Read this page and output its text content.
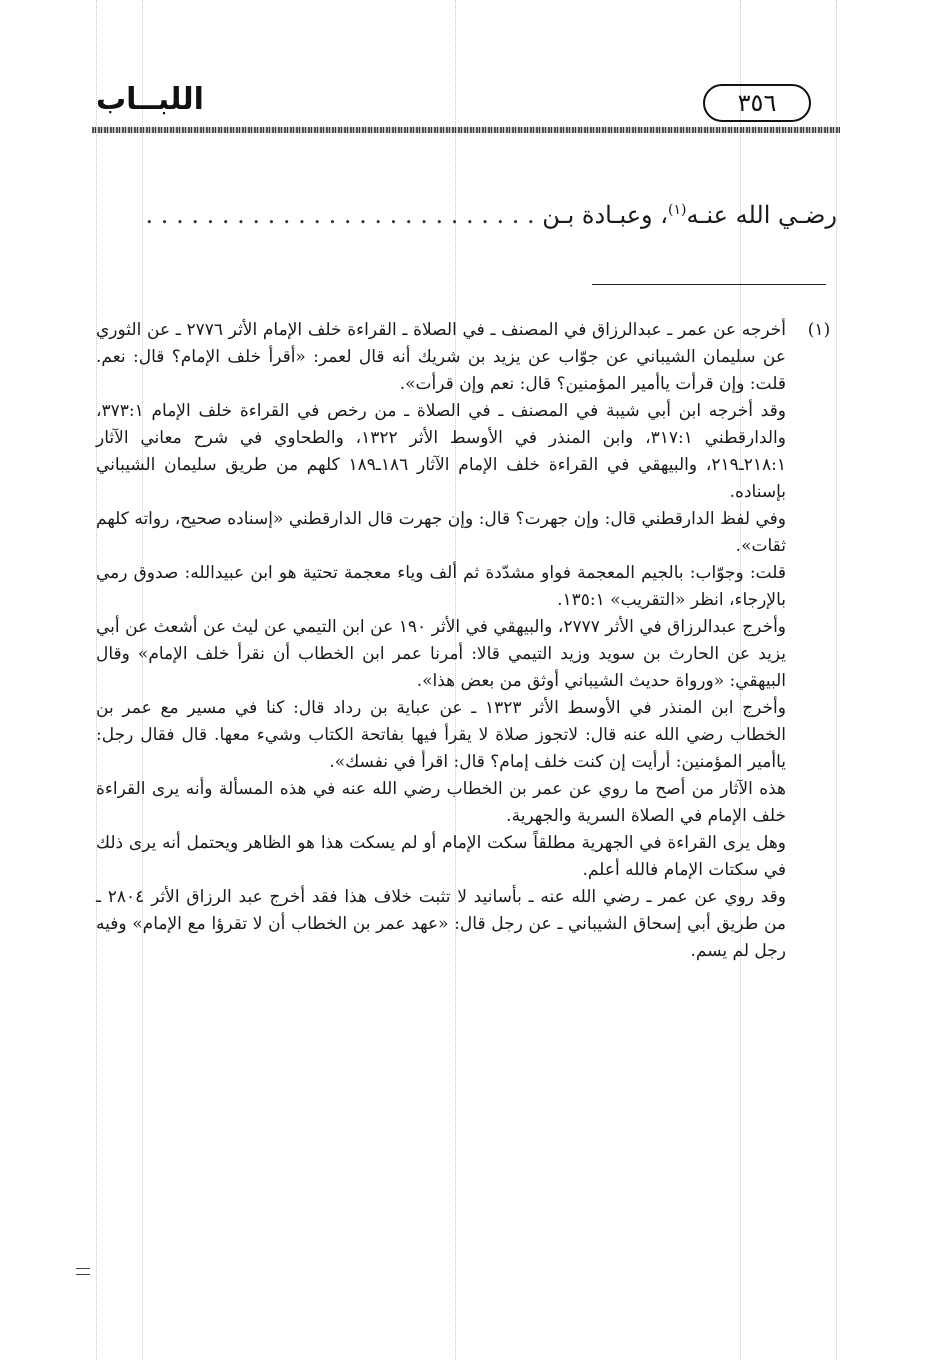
اللبــاب	٣٥٦
رضـي الله عنـه$^{(١)}$، وعبـادة بـن . . . . . . . . . . . . . . . . . . . . . . . . . .
(١)

أخرجه عن عمر ـ عبدالرزاق في المصنف ـ في الصلاة ـ القراءة خلف الإمام الأثر ٢٧٧٦ ـ عن الثوري عن سليمان الشيباني عن جوّاب عن يزيد بن شريك أنه قال لعمر: «أقرأ خلف الإمام؟ قال: نعم. قلت: وإن قرأت ياأمير المؤمنين؟ قال: نعم وإن قرأت».

وقد أخرجه ابن أبي شيبة في المصنف ـ في الصلاة ـ من رخص في القراءة خلف الإمام ٣٧٣:١، والدارقطني ٣١٧:١، وابن المنذر في الأوسط الأثر ١٣٢٢، والطحاوي في شرح معاني الآثار ٢١٨:١ـ٢١٩، والبيهقي في القراءة خلف الإمام الآثار ١٨٦ـ١٨٩ كلهم من طريق سليمان الشيباني بإسناده.

وفي لفظ الدارقطني قال: وإن جهرت؟ قال: وإن جهرت قال الدارقطني «إسناده صحيح، رواته كلهم ثقات».

قلت: وجوّاب: بالجيم المعجمة فواو مشدّدة ثم ألف وياء معجمة تحتية هو ابن عبيدالله: صدوق رمي بالإرجاء، انظر «التقريب» ١٣٥:١.

وأخرج عبدالرزاق في الأثر ٢٧٧٧، والبيهقي في الأثر ١٩٠ عن ابن التيمي عن ليث عن أشعث عن أبي يزيد عن الحارث بن سويد وزيد التيمي قالا: أمرنا عمر ابن الخطاب أن نقرأ خلف الإمام» وقال البيهقي: «ورواة حديث الشيباني أوثق من بعض هذا».

وأخرج ابن المنذر في الأوسط الأثر ١٣٢٣ ـ عن عباية بن رداد قال: كنا في مسير مع عمر بن الخطاب رضي الله عنه قال: لاتجوز صلاة لا يقرأ فيها بفاتحة الكتاب وشيء معها. قال فقال رجل: ياأمير المؤمنين: أرأيت إن كنت خلف إمام؟ قال: اقرأ في نفسك».

هذه الآثار من أصح ما روي عن عمر بن الخطاب رضي الله عنه في هذه المسألة وأنه يرى القراءة خلف الإمام في الصلاة السرية والجهرية.

وهل يرى القراءة في الجهرية مطلقاً سكت الإمام أو لم يسكت هذا هو الظاهر ويحتمل أنه يرى ذلك في سكتات الإمام فالله أعلم.

وقد روي عن عمر ـ رضي الله عنه ـ بأسانيد لا تثبت خلاف هذا فقد أخرج عبد الرزاق الأثر ٢٨٠٤ ـ من طريق أبي إسحاق الشيباني ـ عن رجل قال: «عهد عمر بن الخطاب أن لا تقرؤا مع الإمام» وفيه رجل لم يسم.
